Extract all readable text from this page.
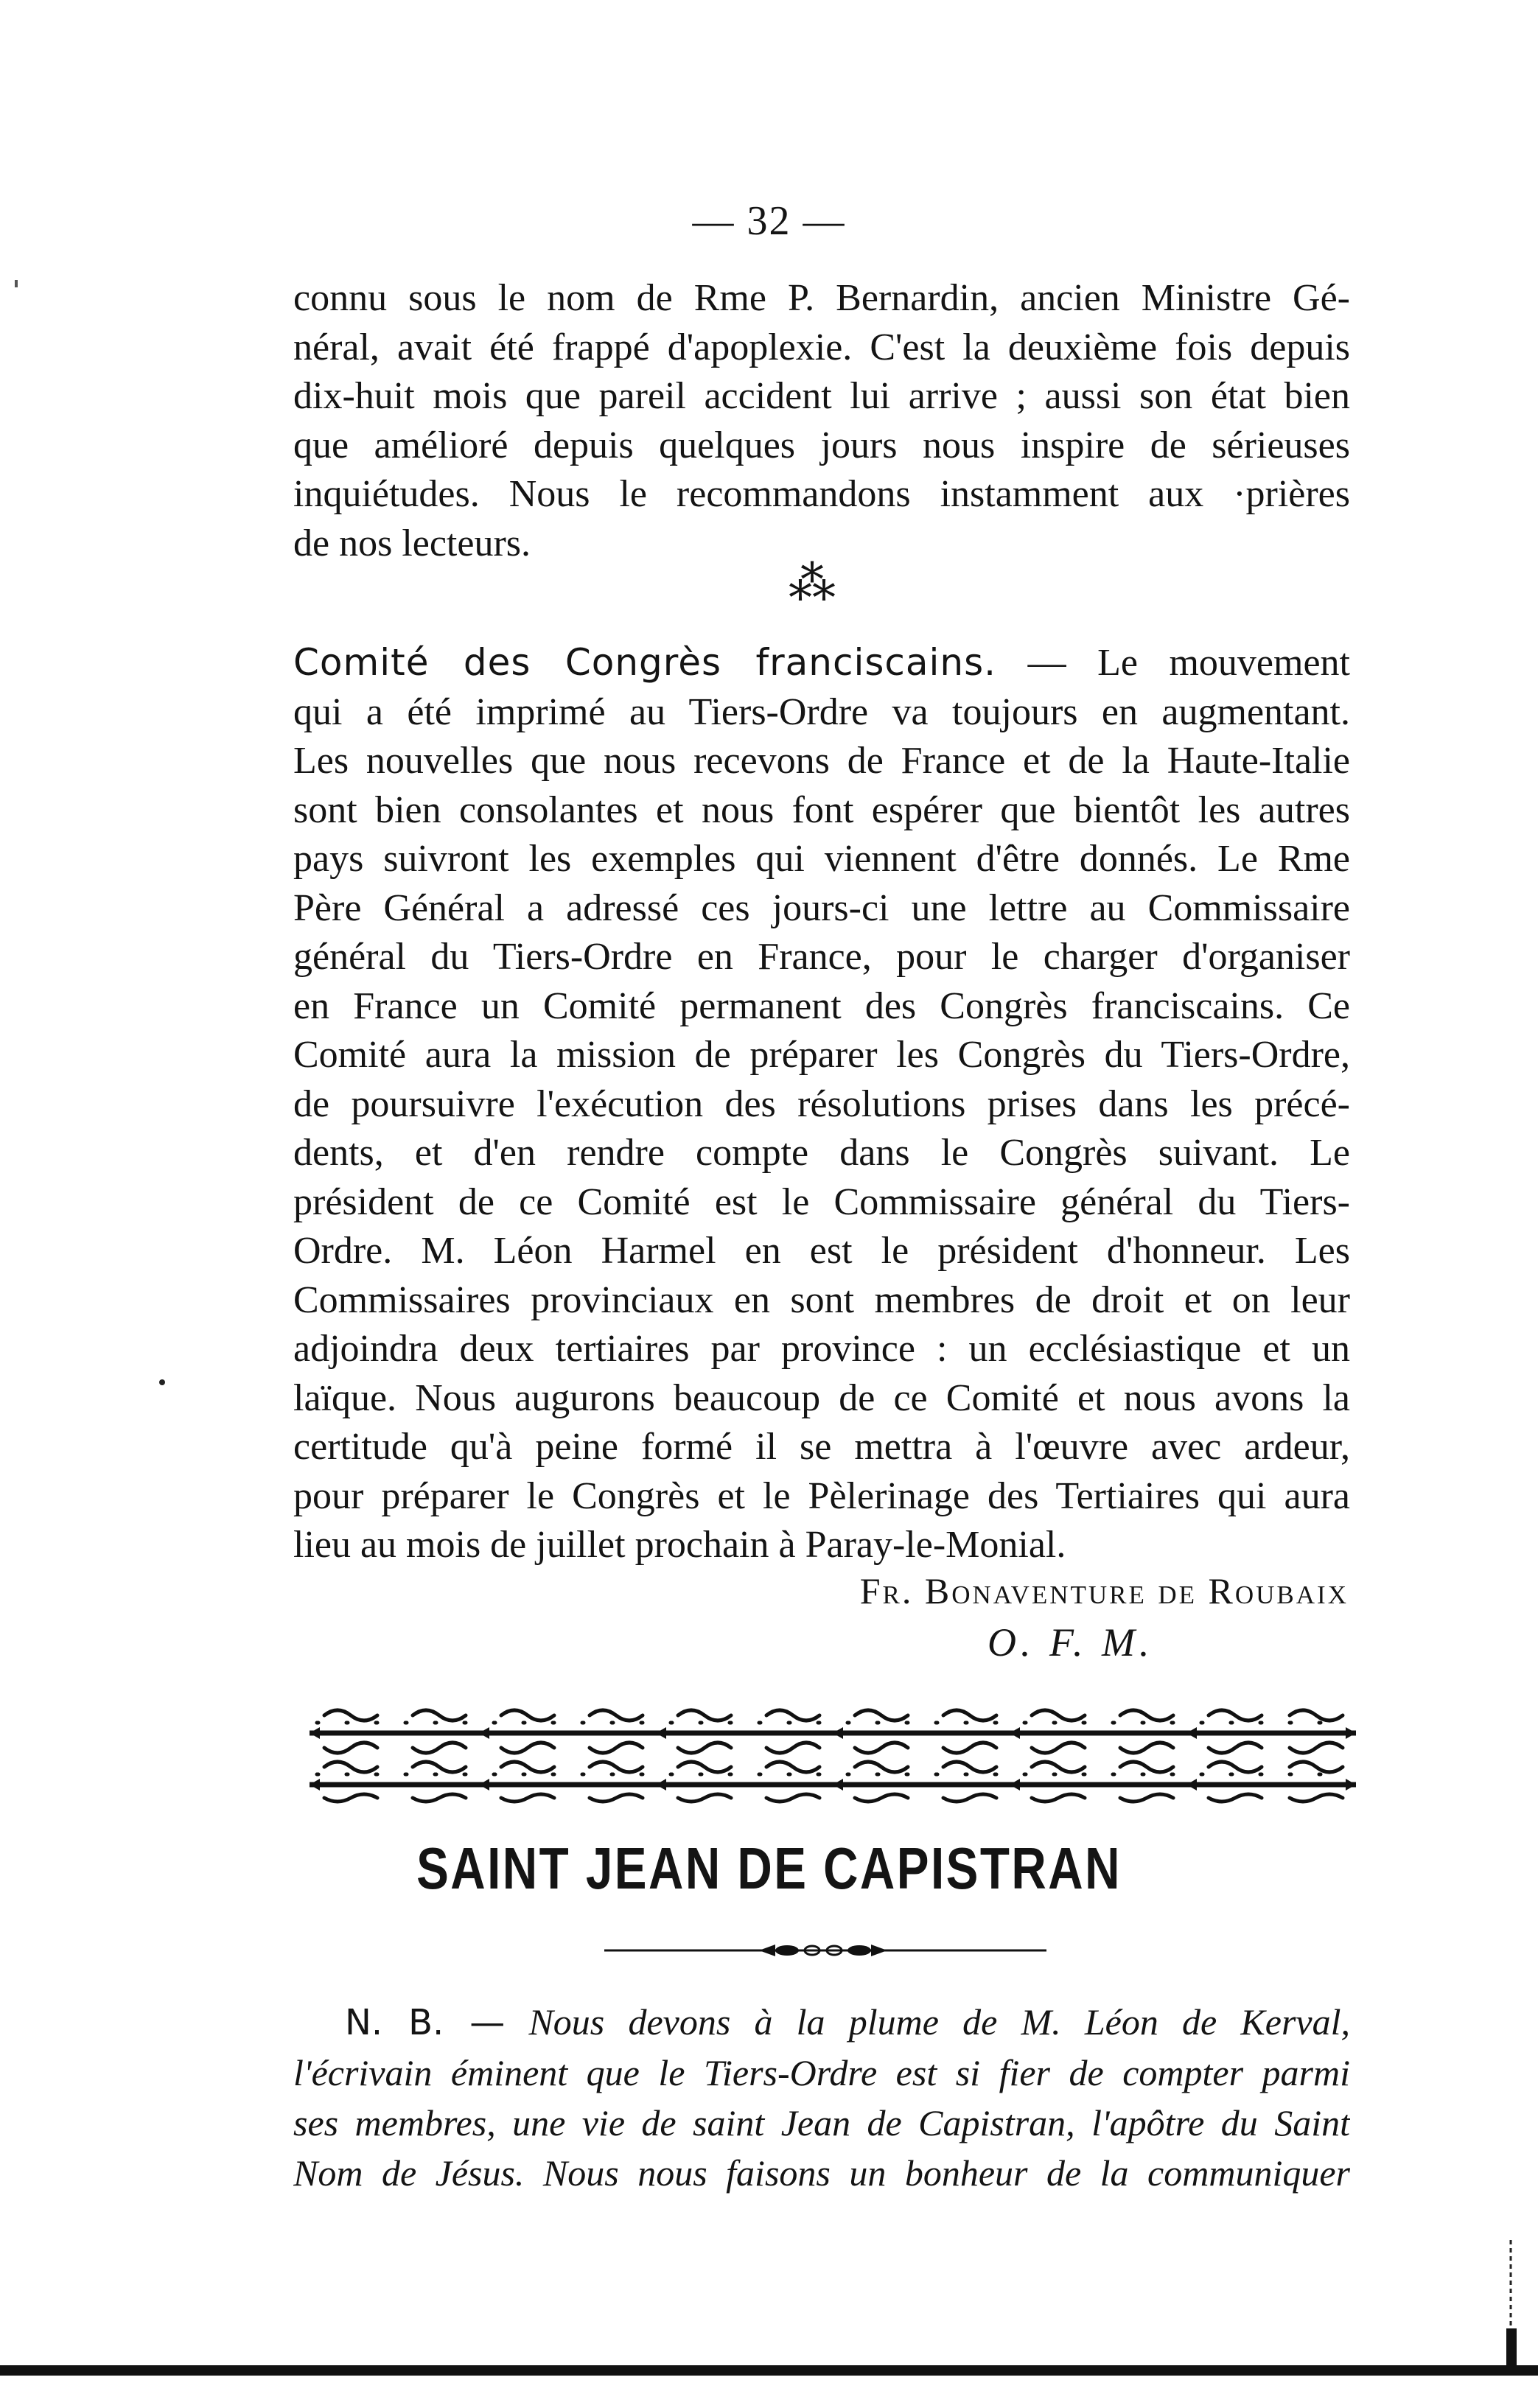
— 32 —
connu sous le nom de Rme P. Bernardin, ancien Ministre Gé-
néral, avait été frappé d'apoplexie. C'est la deuxième fois depuis
dix-huit mois que pareil accident lui arrive ; aussi son état bien
que amélioré depuis quelques jours nous inspire de sérieuses
inquiétudes. Nous le recommandons instamment aux ·prières
de nos lecteurs.
⁂
Comité des Congrès franciscains. — Le mouvement
qui a été imprimé au Tiers-Ordre va toujours en augmentant.
Les nouvelles que nous recevons de France et de la Haute-Italie
sont bien consolantes et nous font espérer que bientôt les autres
pays suivront les exemples qui viennent d'être donnés. Le Rme
Père Général a adressé ces jours-ci une lettre au Commissaire
général du Tiers-Ordre en France, pour le charger d'organiser
en France un Comité permanent des Congrès franciscains. Ce
Comité aura la mission de préparer les Congrès du Tiers-Ordre,
de poursuivre l'exécution des résolutions prises dans les précé-
dents, et d'en rendre compte dans le Congrès suivant. Le
président de ce Comité est le Commissaire général du Tiers-
Ordre. M. Léon Harmel en est le président d'honneur. Les
Commissaires provinciaux en sont membres de droit et on leur
adjoindra deux tertiaires par province : un ecclésiastique et un
laïque. Nous augurons beaucoup de ce Comité et nous avons la
certitude qu'à peine formé il se mettra à l'œuvre avec ardeur,
pour préparer le Congrès et le Pèlerinage des Tertiaires qui aura
lieu au mois de juillet prochain à Paray-le-Monial.
Fr. Bonaventure de Roubaix
O. F. M.
SAINT JEAN DE CAPISTRAN
N. B. — Nous devons à la plume de M. Léon de Kerval,
l'écrivain éminent que le Tiers-Ordre est si fier de compter parmi
ses membres, une vie de saint Jean de Capistran, l'apôtre du Saint
Nom de Jésus. Nous nous faisons un bonheur de la communiquer
